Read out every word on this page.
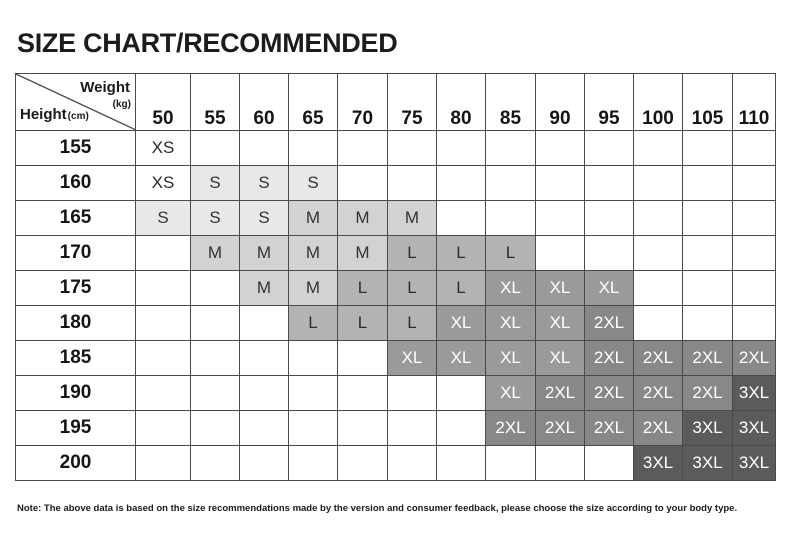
SIZE CHART/RECOMMENDED
Weight
(kg)
Height(cm)	50	55	60	65	70	75	80	85	90	95	100	105	110
155	XS												
160	XS	S	S	S									
165	S	S	S	M	M	M							
170		M	M	M	M	L	L	L					
175			M	M	L	L	L	XL	XL	XL			
180				L	L	L	XL	XL	XL	2XL			
185						XL	XL	XL	XL	2XL	2XL	2XL	2XL
190								XL	2XL	2XL	2XL	2XL	3XL
195								2XL	2XL	2XL	2XL	3XL	3XL
200											3XL	3XL	3XL
Note: The above data is based on the size recommendations made by the version and consumer feedback, please choose the size according to your body type.
